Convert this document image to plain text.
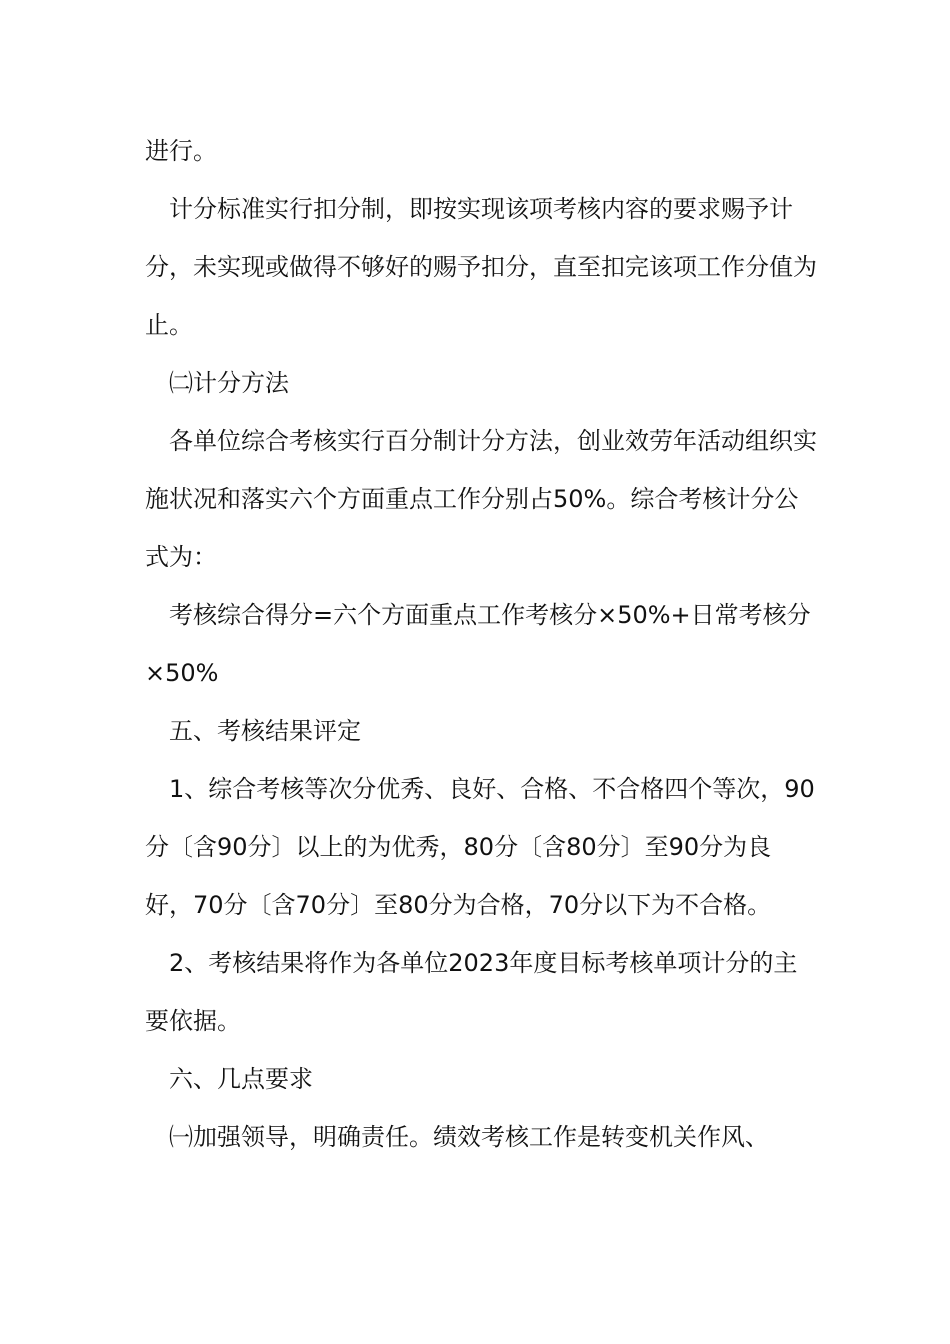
进行。

计分标准实行扣分制，即按实现该项考核内容的要求赐予计分，未实现或做得不够好的赐予扣分，直至扣完该项工作分值为止。

㈡计分方法

各单位综合考核实行百分制计分方法，创业效劳年活动组织实施状况和落实六个方面重点工作分别占50%。综合考核计分公式为：

考核综合得分=六个方面重点工作考核分×50%+日常考核分×50%

五、考核结果评定

1、综合考核等次分优秀、良好、合格、不合格四个等次，90分〔含90分〕以上的为优秀，80分〔含80分〕至90分为良好，70分〔含70分〕至80分为合格，70分以下为不合格。

2、考核结果将作为各单位2023年度目标考核单项计分的主要依据。

六、几点要求

㈠加强领导，明确责任。绩效考核工作是转变机关作风、
